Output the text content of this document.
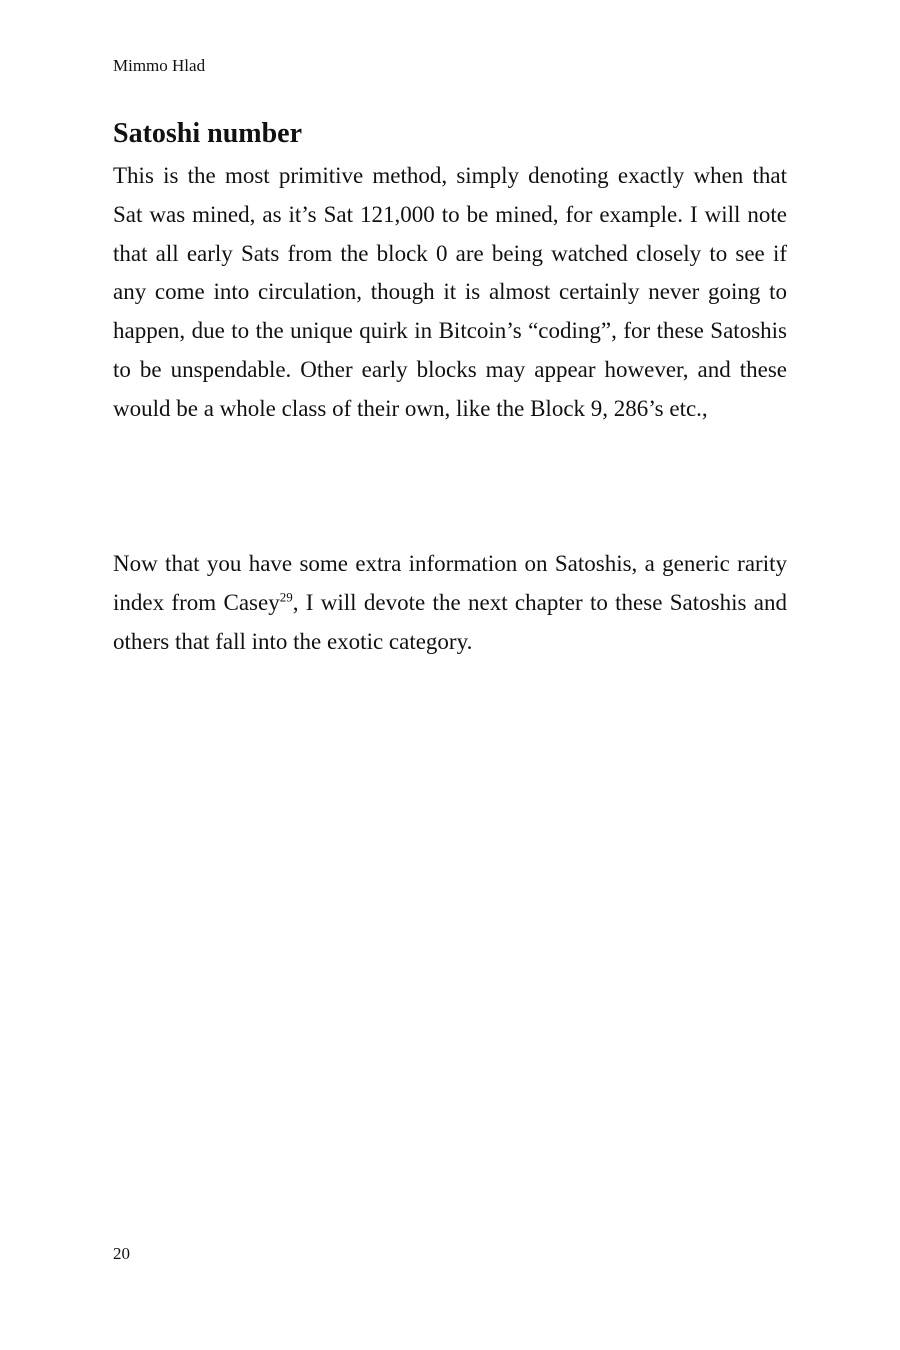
Mimmo Hlad
Satoshi number

This is the most primitive method, simply denoting exactly when that Sat was mined, as it’s Sat 121,000 to be mined, for example. I will note that all early Sats from the block 0 are being watched closely to see if any come into circulation, though it is almost certainly never going to happen, due to the unique quirk in Bitcoin’s “coding”, for these Satoshis to be unspendable. Other early blocks may appear however, and these would be a whole class of their own, like the Block 9, 286’s etc.,

Now that you have some extra information on Satoshis, a generic rarity index from Casey$^{29}$, I will devote the next chapter to these Satoshis and others that fall into the exotic category.

20
